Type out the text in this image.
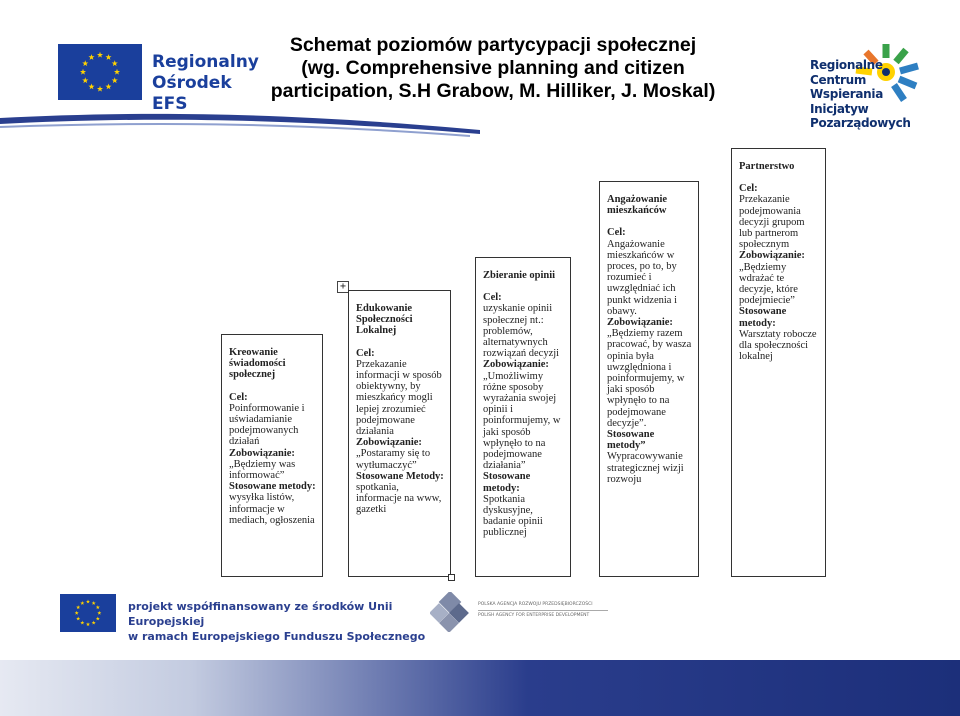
Regionalny
Ośrodek EFS
Schemat poziomów partycypacji społecznej (wg. Comprehensive planning and citizen participation, S.H Grabow, M. Hilliker, J. Moskal)
Regionalne
Centrum
Wspierania
Inicjatyw Pozarządowych
Kreowanie świadomości społecznej
Cel:
Poinformowanie i uświadamianie podejmowanych działań
Zobowiązanie:
„Będziemy was informować”
Stosowane metody:
wysyłka listów, informacje w mediach, ogłoszenia
+
Edukowanie Społeczności Lokalnej
Cel:
Przekazanie informacji w sposób obiektywny, by mieszkańcy mogli lepiej zrozumieć podejmowane działania
Zobowiązanie:
„Postaramy się to wytłumaczyć”
Stosowane Metody:
spotkania, informacje na www, gazetki
Zbieranie opinii
Cel:
uzyskanie opinii społecznej nt.: problemów, alternatywnych rozwiązań decyzji
Zobowiązanie:
„Umożliwimy różne sposoby wyrażania swojej opinii i poinformujemy, w jaki sposób wpłynęło to na podejmowane działania”
Stosowane metody:
Spotkania dyskusyjne, badanie opinii publicznej
Angażowanie mieszkańców
Cel:
Angażowanie mieszkańców w proces, po to, by rozumieć i uwzględniać ich punkt widzenia i obawy.
Zobowiązanie:
„Będziemy razem pracować, by wasza opinia była uwzględniona i poinformujemy, w jaki sposób wpłynęło to na podejmowane decyzje”.
Stosowane metody”
Wypracowywanie strategicznej wizji rozwoju
Partnerstwo
Cel:
Przekazanie podejmowania decyzji grupom lub partnerom społecznym
Zobowiązanie:
„Będziemy wdrażać te decyzje, które podejmiecie”
Stosowane metody:
Warsztaty robocze dla społeczności lokalnej
projekt współfinansowany ze środków Unii Europejskiej
w ramach Europejskiego Funduszu Społecznego
POLSKA AGENCJA ROZWOJU PRZEDSIĘBIORCZOŚCI
POLISH AGENCY FOR ENTERPRISE DEVELOPMENT
